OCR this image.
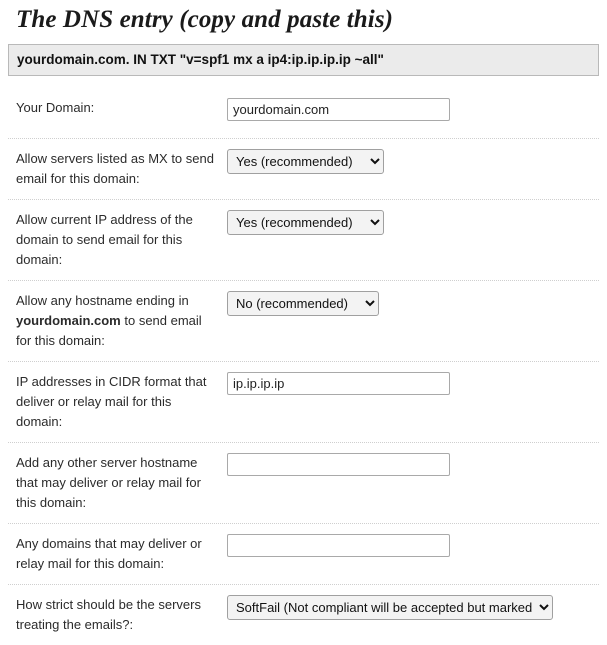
The DNS entry (copy and paste this)
yourdomain.com. IN TXT "v=spf1 mx a ip4:ip.ip.ip.ip ~all"
Your Domain:
yourdomain.com
Allow servers listed as MX to send email for this domain:
Yes (recommended)
Allow current IP address of the domain to send email for this domain:
Yes (recommended)
Allow any hostname ending in yourdomain.com to send email for this domain:
No (recommended)
IP addresses in CIDR format that deliver or relay mail for this domain:
ip.ip.ip.ip
Add any other server hostname that may deliver or relay mail for this domain:
Any domains that may deliver or relay mail for this domain:
How strict should be the servers treating the emails?:
SoftFail (Not compliant will be accepted but marked)
